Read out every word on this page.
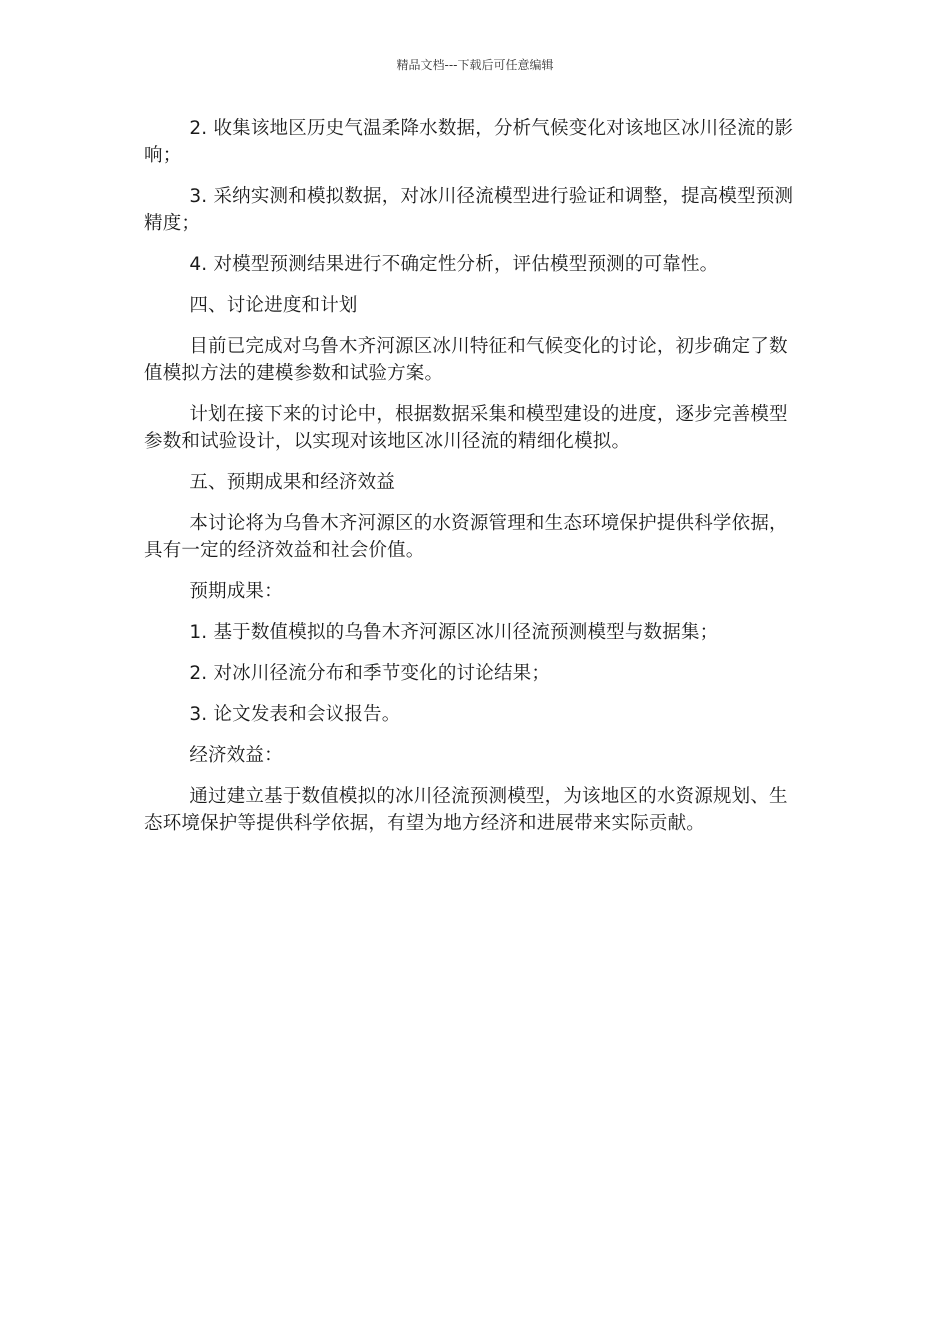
精品文档---下载后可任意编辑

2. 收集该地区历史气温柔降水数据，分析气候变化对该地区冰川径流的影响；

3. 采纳实测和模拟数据，对冰川径流模型进行验证和调整，提高模型预测精度；

4. 对模型预测结果进行不确定性分析，评估模型预测的可靠性。

四、讨论进度和计划

目前已完成对乌鲁木齐河源区冰川特征和气候变化的讨论，初步确定了数值模拟方法的建模参数和试验方案。

计划在接下来的讨论中，根据数据采集和模型建设的进度，逐步完善模型参数和试验设计，以实现对该地区冰川径流的精细化模拟。

五、预期成果和经济效益

本讨论将为乌鲁木齐河源区的水资源管理和生态环境保护提供科学依据，具有一定的经济效益和社会价值。

预期成果：

1. 基于数值模拟的乌鲁木齐河源区冰川径流预测模型与数据集；

2. 对冰川径流分布和季节变化的讨论结果；

3. 论文发表和会议报告。

经济效益：

通过建立基于数值模拟的冰川径流预测模型，为该地区的水资源规划、生态环境保护等提供科学依据，有望为地方经济和进展带来实际贡献。
